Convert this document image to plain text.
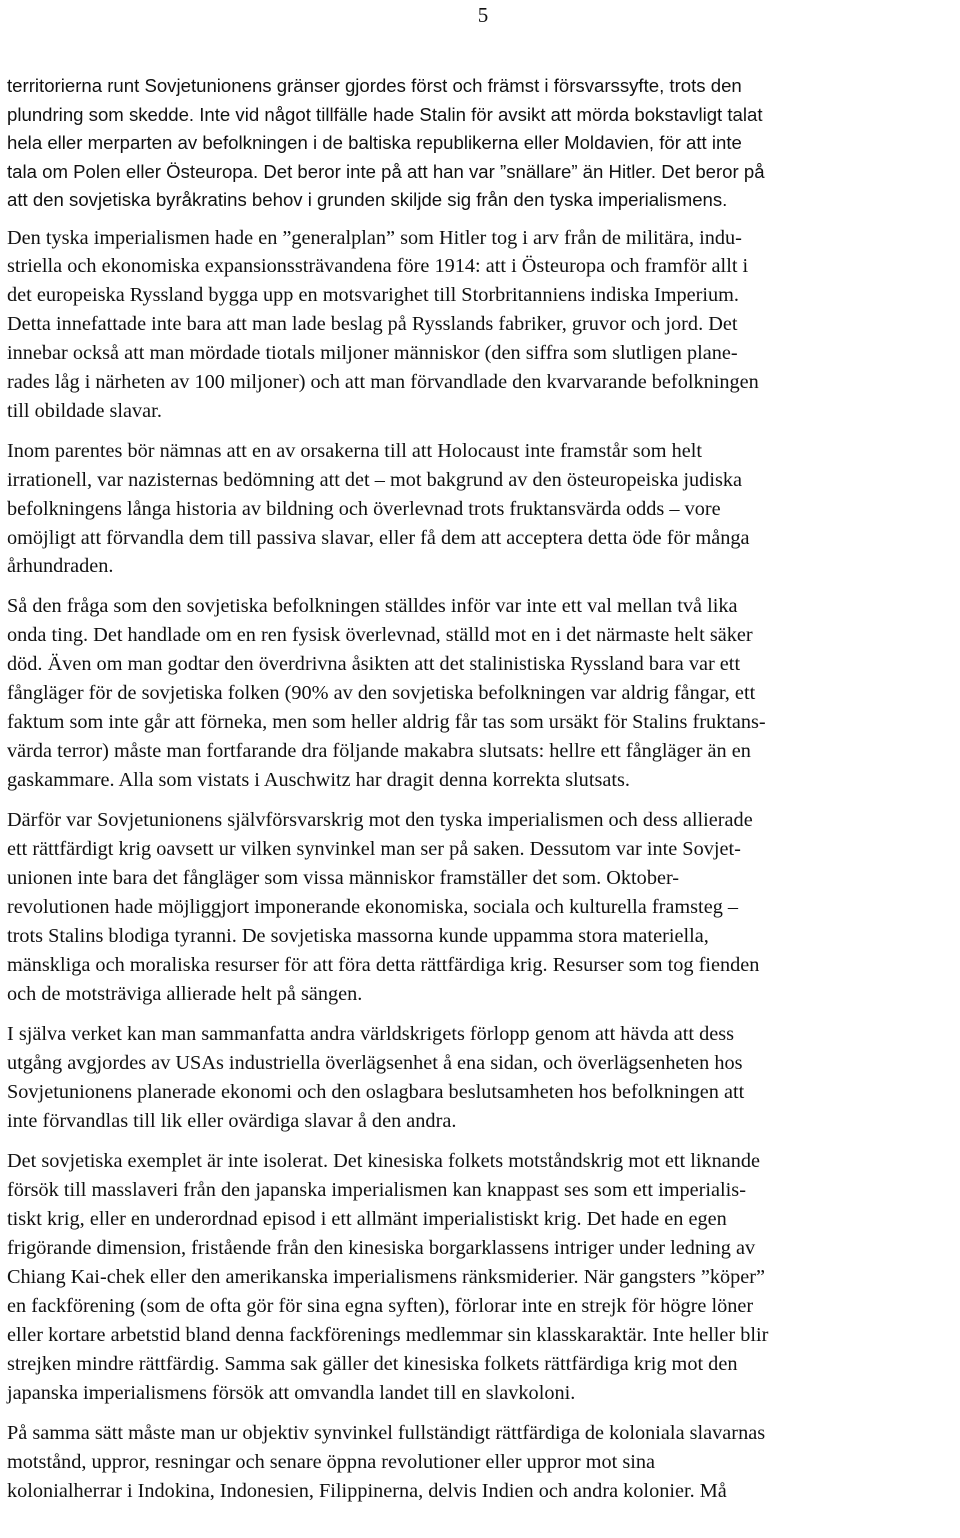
5
territorierna runt Sovjetunionens gränser gjordes först och främst i försvarssyfte, trots den
plundring som skedde. Inte vid något tillfälle hade Stalin för avsikt att mörda bokstavligt talat
hela eller merparten av befolkningen i de baltiska republikerna eller Moldavien, för att inte
tala om Polen eller Östeuropa. Det beror inte på att han var ”snällare” än Hitler. Det beror på
att den sovjetiska byråkratins behov i grunden skiljde sig från den tyska imperialismens.
Den tyska imperialismen hade en ”generalplan” som Hitler tog i arv från de militära, indu-
striella och ekonomiska expansionssträvandena före 1914: att i Östeuropa och framför allt i
det europeiska Ryssland bygga upp en motsvarighet till Storbritanniens indiska Imperium.
Detta innefattade inte bara att man lade beslag på Rysslands fabriker, gruvor och jord. Det
innebar också att man mördade tiotals miljoner människor (den siffra som slutligen plane-
rades låg i närheten av 100 miljoner) och att man förvandlade den kvarvarande befolkningen
till obildade slavar.
Inom parentes bör nämnas att en av orsakerna till att Holocaust inte framstår som helt
irrationell, var nazisternas bedömning att det – mot bakgrund av den östeuropeiska judiska
befolkningens långa historia av bildning och överlevnad trots fruktansvärda odds – vore
omöjligt att förvandla dem till passiva slavar, eller få dem att acceptera detta öde för många
århundraden.
Så den fråga som den sovjetiska befolkningen ställdes inför var inte ett val mellan två lika
onda ting. Det handlade om en ren fysisk överlevnad, ställd mot en i det närmaste helt säker
död. Även om man godtar den överdrivna åsikten att det stalinistiska Ryssland bara var ett
fångläger för de sovjetiska folken (90% av den sovjetiska befolkningen var aldrig fångar, ett
faktum som inte går att förneka, men som heller aldrig får tas som ursäkt för Stalins fruktans-
värda terror) måste man fortfarande dra följande makabra slutsats: hellre ett fångläger än en
gaskammare. Alla som vistats i Auschwitz har dragit denna korrekta slutsats.
Därför var Sovjetunionens självförsvarskrig mot den tyska imperialismen och dess allierade
ett rättfärdigt krig oavsett ur vilken synvinkel man ser på saken. Dessutom var inte Sovjet-
unionen inte bara det fångläger som vissa människor framställer det som. Oktober-
revolutionen hade möjliggjort imponerande ekonomiska, sociala och kulturella framsteg –
trots Stalins blodiga tyranni. De sovjetiska massorna kunde uppamma stora materiella,
mänskliga och moraliska resurser för att föra detta rättfärdiga krig. Resurser som tog fienden
och de motsträviga allierade helt på sängen.
I själva verket kan man sammanfatta andra världskrigets förlopp genom att hävda att dess
utgång avgjordes av USAs industriella överlägsenhet å ena sidan, och överlägsenheten hos
Sovjetunionens planerade ekonomi och den oslagbara beslutsamheten hos befolkningen att
inte förvandlas till lik eller ovärdiga slavar å den andra.
Det sovjetiska exemplet är inte isolerat. Det kinesiska folkets motståndskrig mot ett liknande
försök till masslaveri från den japanska imperialismen kan knappast ses som ett imperialis-
tiskt krig, eller en underordnad episod i ett allmänt imperialistiskt krig. Det hade en egen
frigörande dimension, fristående från den kinesiska borgarklassens intriger under ledning av
Chiang Kai-chek eller den amerikanska imperialismens ränksmiderier. När gangsters ”köper”
en fackförening (som de ofta gör för sina egna syften), förlorar inte en strejk för högre löner
eller kortare arbetstid bland denna fackförenings medlemmar sin klasskaraktär. Inte heller blir
strejken mindre rättfärdig. Samma sak gäller det kinesiska folkets rättfärdiga krig mot den
japanska imperialismens försök att omvandla landet till en slavkoloni.
På samma sätt måste man ur objektiv synvinkel fullständigt rättfärdiga de koloniala slavarnas
motstånd, uppror, resningar och senare öppna revolutioner eller uppror mot sina
kolonialherrar i Indokina, Indonesien, Filippinerna, delvis Indien och andra kolonier. Må
